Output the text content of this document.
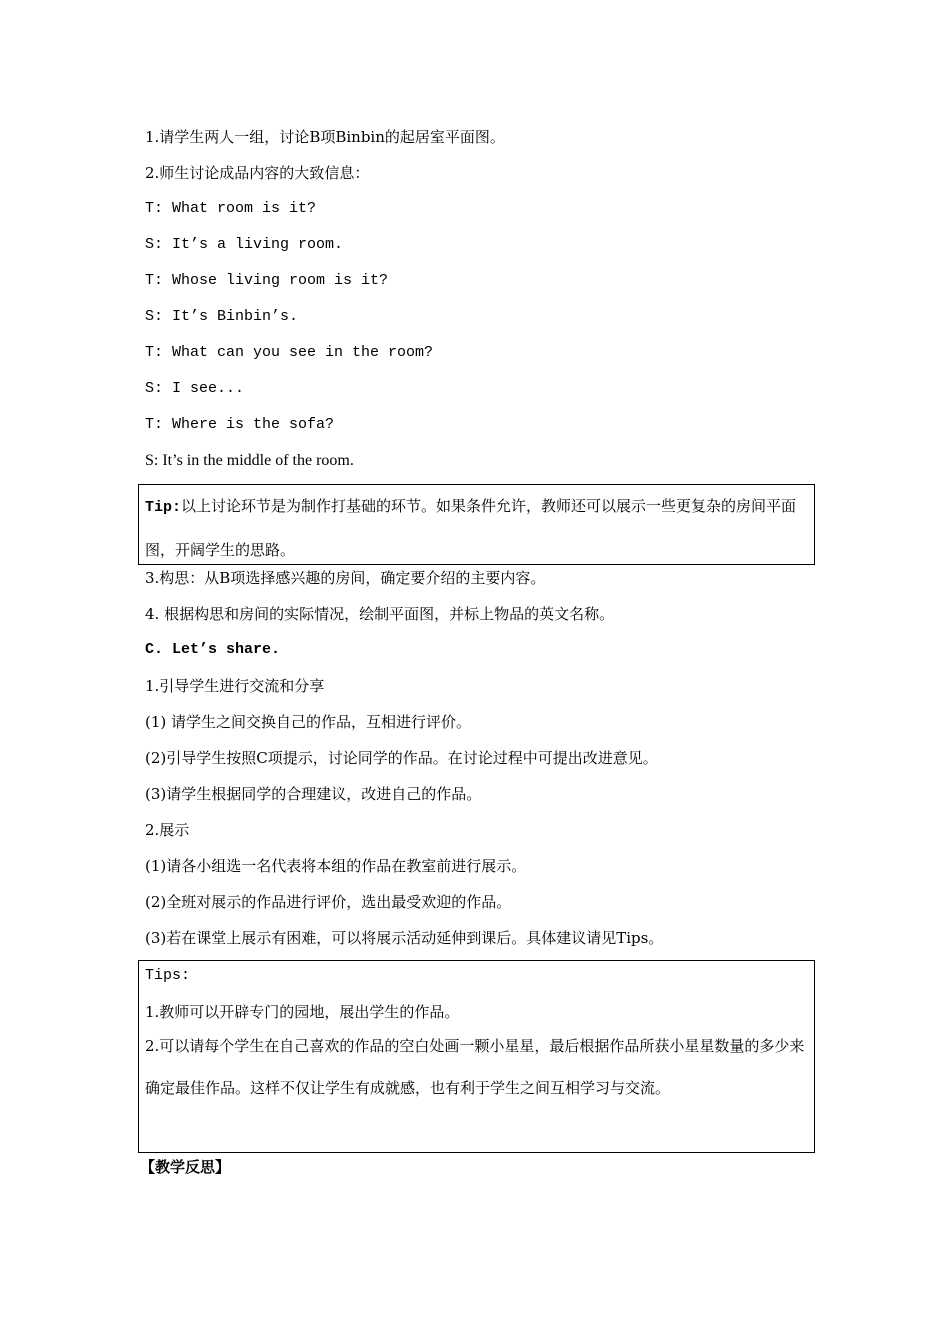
1.请学生两人一组，讨论B项Binbin的起居室平面图。
2.师生讨论成品内容的大致信息：
T: What room is it?
S: It’s a living room.
T: Whose living room is it?
S: It’s Binbin’s.
T: What can you see in the room?
S: I see...
T: Where is the sofa?
S: It’s in the middle of the room.
Tip:以上讨论环节是为制作打基础的环节。如果条件允许，教师还可以展示一些更复杂的房间平面图，开阔学生的思路。
3.构思：从B项选择感兴趣的房间，确定要介绍的主要内容。
4. 根据构思和房间的实际情况，绘制平面图，并标上物品的英文名称。
C. Let’s share.
1.引导学生进行交流和分享
(1) 请学生之间交换自己的作品，互相进行评价。
(2)引导学生按照C项提示，讨论同学的作品。在讨论过程中可提出改进意见。
(3)请学生根据同学的合理建议，改进自己的作品。
2.展示
(1)请各小组选一名代表将本组的作品在教室前进行展示。
(2)全班对展示的作品进行评价，选出最受欢迎的作品。
(3)若在课堂上展示有困难，可以将展示活动延伸到课后。具体建议请见Tips。
Tips:
1.教师可以开辟专门的园地，展出学生的作品。
2.可以请每个学生在自己喜欢的作品的空白处画一颗小星星，最后根据作品所获小星星数量的多少来确定最佳作品。这样不仅让学生有成就感，也有利于学生之间互相学习与交流。
【教学反思】
